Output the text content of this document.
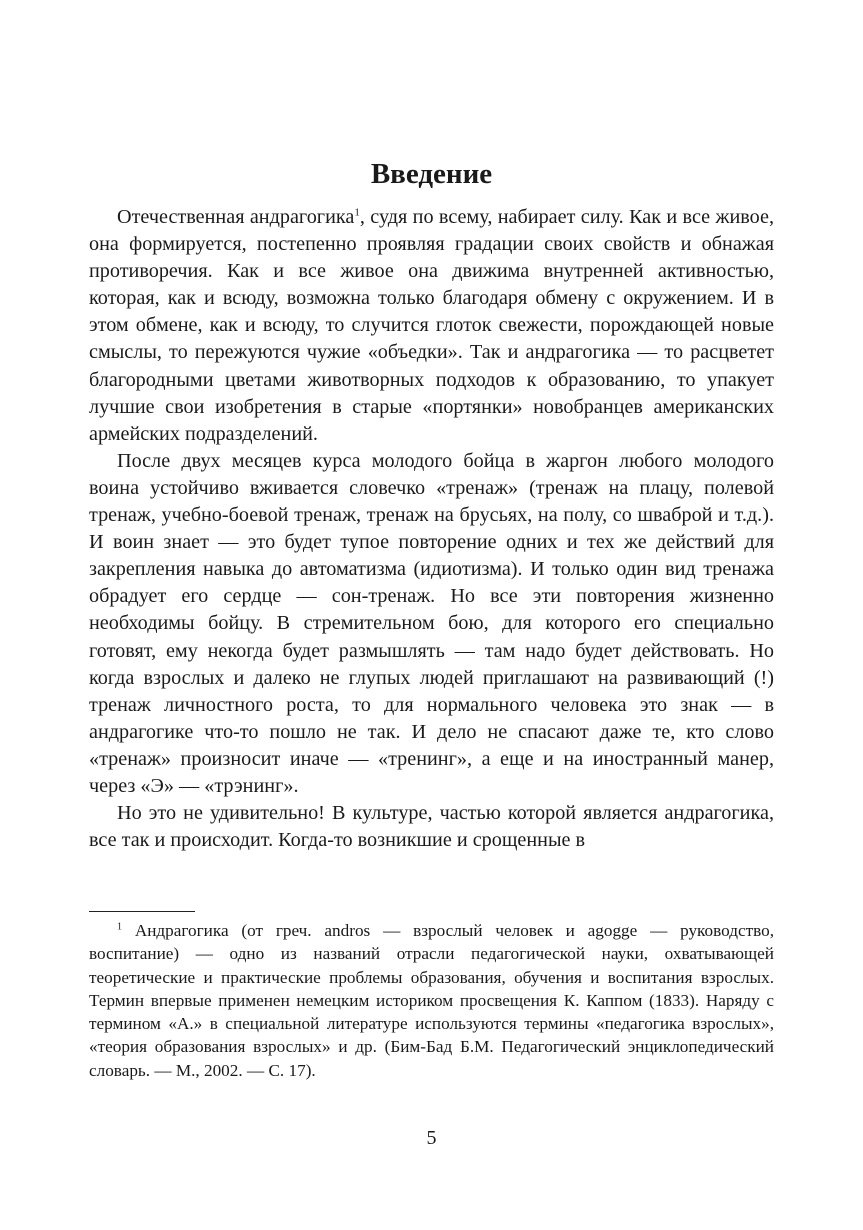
Введение

Отечественная андрагогика$^1$, судя по всему, набирает силу. Как и все живое, она формируется, постепенно проявляя градации своих свойств и обнажая противоречия. Как и все живое она движима внутренней активностью, которая, как и всюду, возможна только благодаря обмену с окружением. И в этом обмене, как и всюду, то случится глоток свежести, порождающей новые смыслы, то пережуются чужие «объедки». Так и андрагогика — то расцветет благородными цветами животворных подходов к образованию, то упакует лучшие свои изобретения в старые «портянки» новобранцев американских армейских подразделений.

После двух месяцев курса молодого бойца в жаргон любого молодого воина устойчиво вживается словечко «тренаж» (тренаж на плацу, полевой тренаж, учебно-боевой тренаж, тренаж на брусьях, на полу, со шваброй и т.д.). И воин знает — это будет тупое повторение одних и тех же действий для закрепления навыка до автоматизма (идиотизма). И только один вид тренажа обрадует его сердце — сон-тренаж. Но все эти повторения жизненно необходимы бойцу. В стремительном бою, для которого его специально готовят, ему некогда будет размышлять — там надо будет действовать. Но когда взрослых и далеко не глупых людей приглашают на развивающий (!) тренаж личностного роста, то для нормального человека это знак — в андрагогике что-то пошло не так. И дело не спасают даже те, кто слово «тренаж» произносит иначе — «тренинг», а еще и на иностранный манер, через «Э» — «трэнинг».

Но это не удивительно! В культуре, частью которой является андрагогика, все так и происходит. Когда-то возникшие и срощенные в

$^1$ Андрагогика (от греч. andros — взрослый человек и agogge — руководство, воспитание) — одно из названий отрасли педагогической науки, охватывающей теоретические и практические проблемы образования, обучения и воспитания взрослых. Термин впервые применен немецким историком просвещения К. Каппом (1833). Наряду с термином «А.» в специальной литературе используются термины «педагогика взрослых», «теория образования взрослых» и др. (Бим-Бад Б.М. Педагогический энциклопедический словарь. — М., 2002. — С. 17).

5
